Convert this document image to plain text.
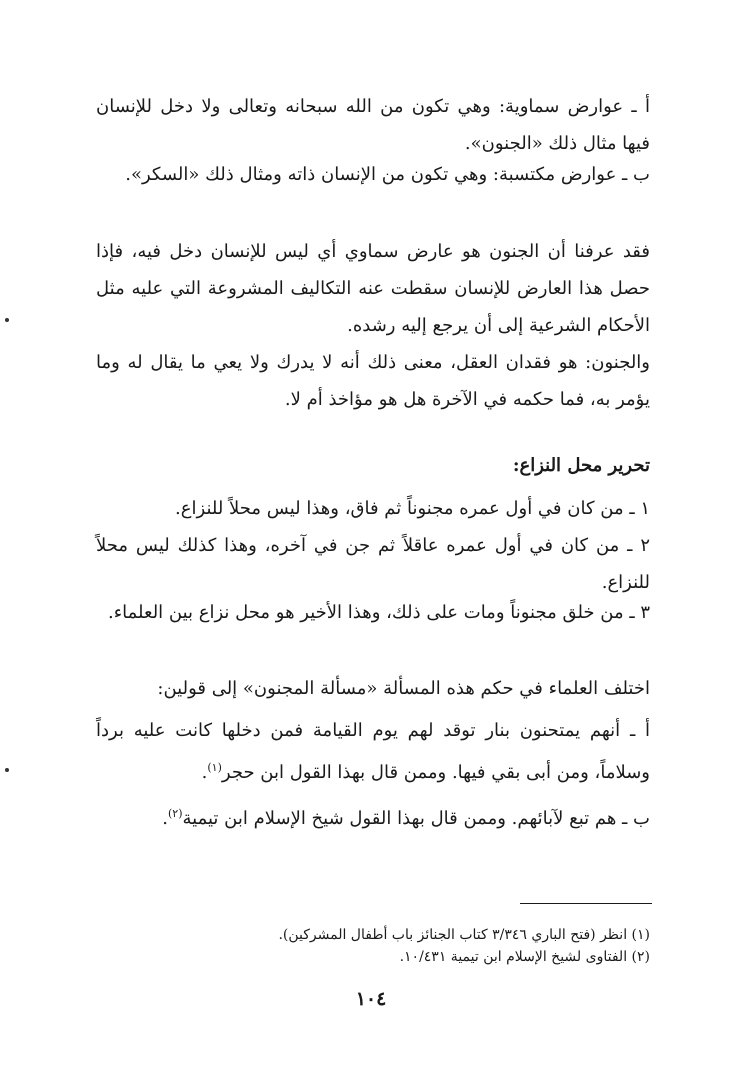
أ ـ عوارض سماوية: وهي تكون من الله سبحانه وتعالى ولا دخل للإنسان فيها مثال ذلك «الجنون».

ب ـ عوارض مكتسبة: وهي تكون من الإنسان ذاته ومثال ذلك «السكر».

فقد عرفنا أن الجنون هو عارض سماوي أي ليس للإنسان دخل فيه، فإذا حصل هذا العارض للإنسان سقطت عنه التكاليف المشروعة التي عليه مثل الأحكام الشرعية إلى أن يرجع إليه رشده.

والجنون: هو فقدان العقل، معنى ذلك أنه لا يدرك ولا يعي ما يقال له وما يؤمر به، فما حكمه في الآخرة هل هو مؤاخذ أم لا.

تحرير محل النزاع:

١ ـ من كان في أول عمره مجنوناً ثم فاق، وهذا ليس محلاً للنزاع.

٢ ـ من كان في أول عمره عاقلاً ثم جن في آخره، وهذا كذلك ليس محلاً للنزاع.

٣ ـ من خلق مجنوناً ومات على ذلك، وهذا الأخير هو محل نزاع بين العلماء.

اختلف العلماء في حكم هذه المسألة «مسألة المجنون» إلى قولين:

أ ـ أنهم يمتحنون بنار توقد لهم يوم القيامة فمن دخلها كانت عليه برداً وسلاماً، ومن أبى بقي فيها. وممن قال بهذا القول ابن حجر$^{(١)}$.

ب ـ هم تبع لآبائهم. وممن قال بهذا القول شيخ الإسلام ابن تيمية$^{(٢)}$.

(١) انظر (فتح الباري ٣/٣٤٦ كتاب الجنائز باب أطفال المشركين).

(٢) الفتاوى لشيخ الإسلام ابن تيمية ١٠/٤٣١.

١٠٤
